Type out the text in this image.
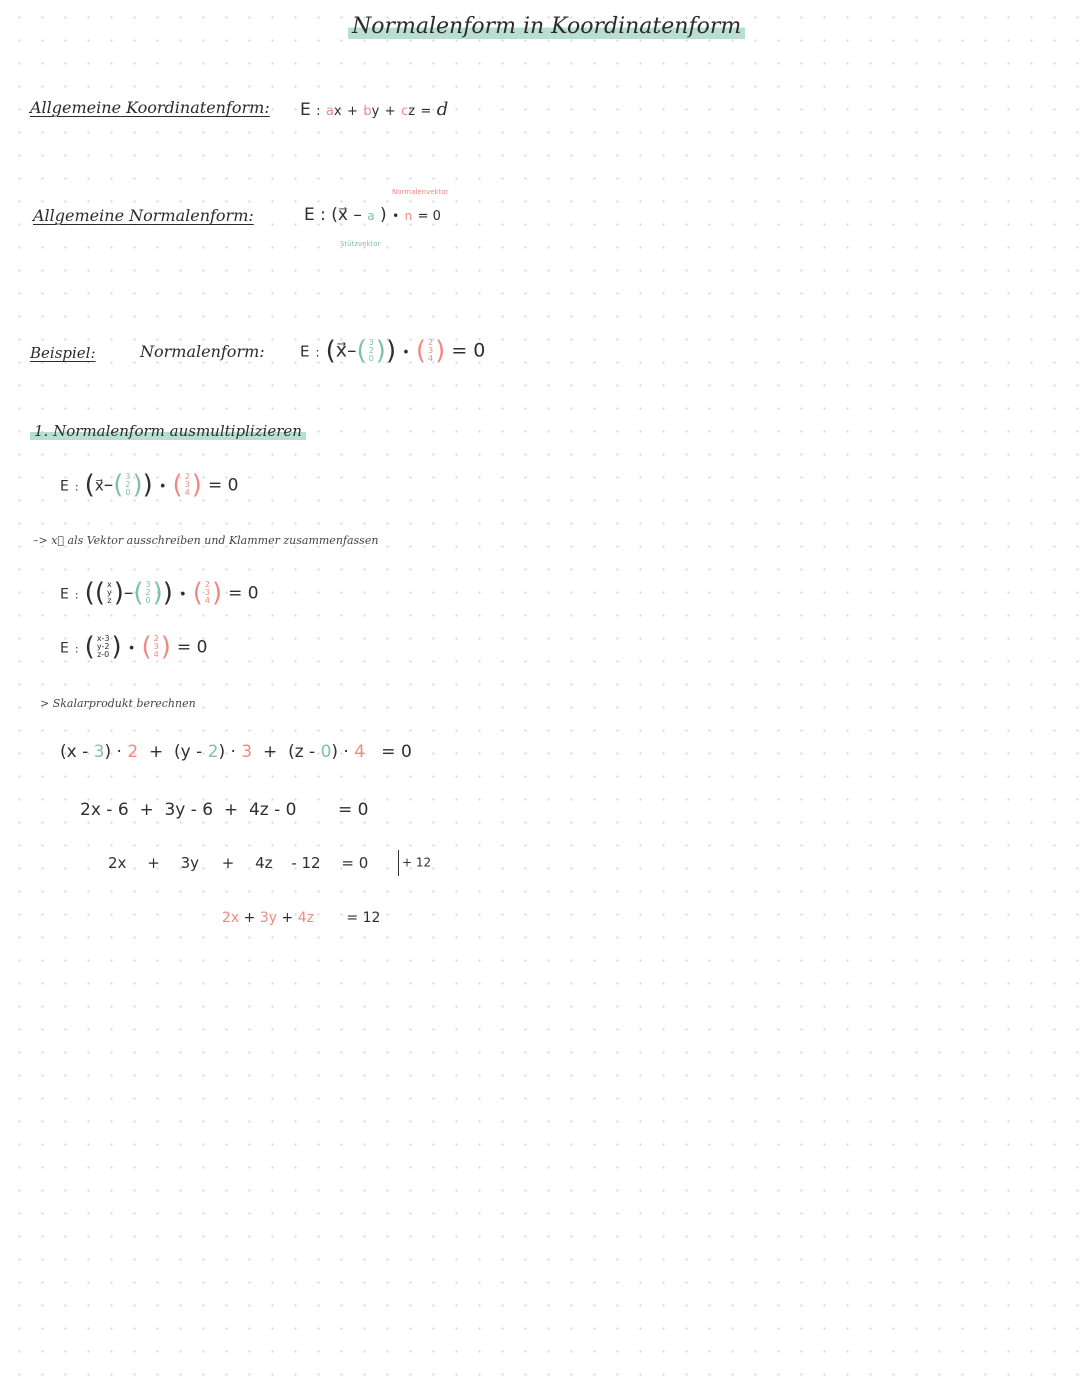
Normalenform in Koordinatenform
Allgemeine Koordinatenform: E : ax + by + cz = d
Allgemeine Normalenform:	E : (x⃗ – a ) • n = 0
Normalenvektor
Stützvektor
Beispiel:	Normalenform: E : (x⃗–( 3
2
0 )) • ( 2
3
4 ) = 0
1. Normalenform ausmultiplizieren
E : (x⃗–( 3
2
0 )) • ( 2
3
4 ) = 0
–> x⃗ als Vektor ausschreiben und Klammer zusammenfassen
E : (( x
y
z )–( 3
2
0 )) • ( 2
3
4 ) = 0
E : ( x-3
y-2
z-0 ) • ( 2
3
4 ) = 0
> Skalarprodukt berechnen
(x - 3) · 2 + (y - 2) · 3 + (z - 0) · 4 = 0
2x - 6  +  3y - 6  +  4z - 0 = 0
2x + 3y + 4z - 12 = 0	+ 12
2x + 3y + 4z = 12
